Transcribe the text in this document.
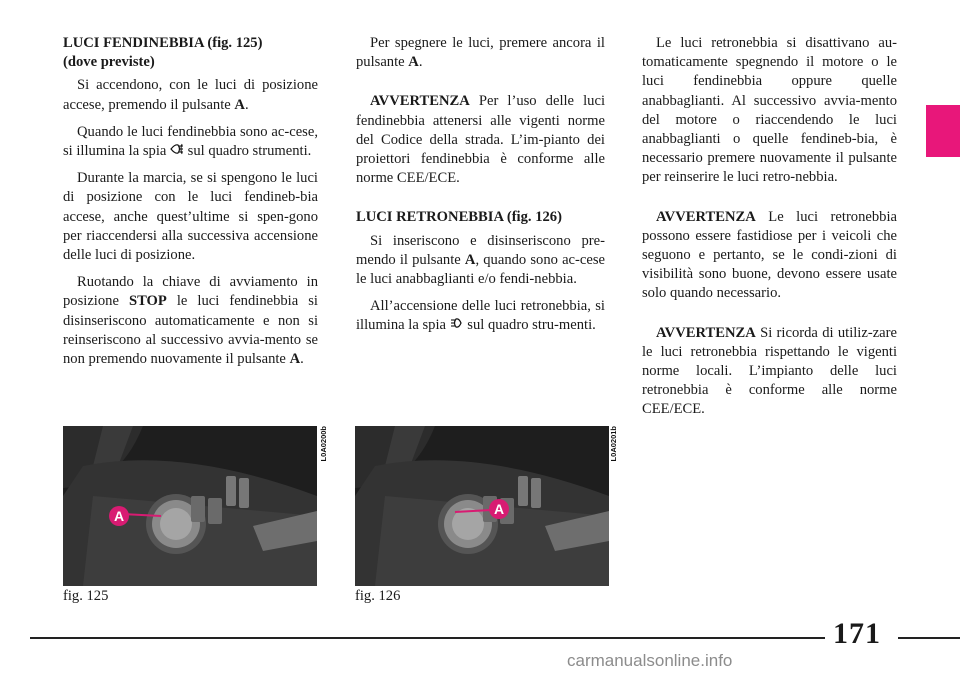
LUCI FENDINEBBIA (fig. 125)
(dove previste)

Si accendono, con le luci di posizione accese, premendo il pulsante A.

Quando le luci fendinebbia sono ac-cese, si illumina la spia  sul quadro strumenti.

Durante la marcia, se si spengono le luci di posizione con le luci fendineb-bia accese, anche quest’ultime si spen-gono per riaccendersi alla successiva accensione delle luci di posizione.

Ruotando la chiave di avviamento in posizione STOP le luci fendinebbia si disinseriscono automaticamente e non si reinseriscono al successivo avvia-mento se non premendo nuovamente il pulsante A.

Per spegnere le luci, premere ancora il pulsante A.

AVVERTENZA Per l’uso delle luci fendinebbia attenersi alle vigenti norme del Codice della strada. L’im-pianto dei proiettori fendinebbia è conforme alle norme CEE/ECE.

LUCI RETRONEBBIA (fig. 126)

Si inseriscono e disinseriscono pre-mendo il pulsante A, quando sono ac-cese le luci anabbaglianti e/o fendi-nebbia.

All’accensione delle luci retronebbia, si illumina la spia  sul quadro stru-menti.

Le luci retronebbia si disattivano au-tomaticamente spegnendo il motore o le luci fendinebbia oppure quelle anabbaglianti. Al successivo avvia-mento del motore o riaccendendo le luci anabbaglianti o quelle fendineb-bia, è necessario premere nuovamente il pulsante per reinserire le luci retro-nebbia.

AVVERTENZA Le luci retronebbia possono essere fastidiose per i veicoli che seguono e pertanto, se le condi-zioni di visibilità sono buone, devono essere usate solo quando necessario.

AVVERTENZA Si ricorda di utiliz-zare le luci retronebbia rispettando le vigenti norme locali. L’impianto delle luci retronebbia è conforme alle norme CEE/ECE.

A
L0A0200b
fig. 125
A
L0A0201b
fig. 126
171
carmanualsonline.info
